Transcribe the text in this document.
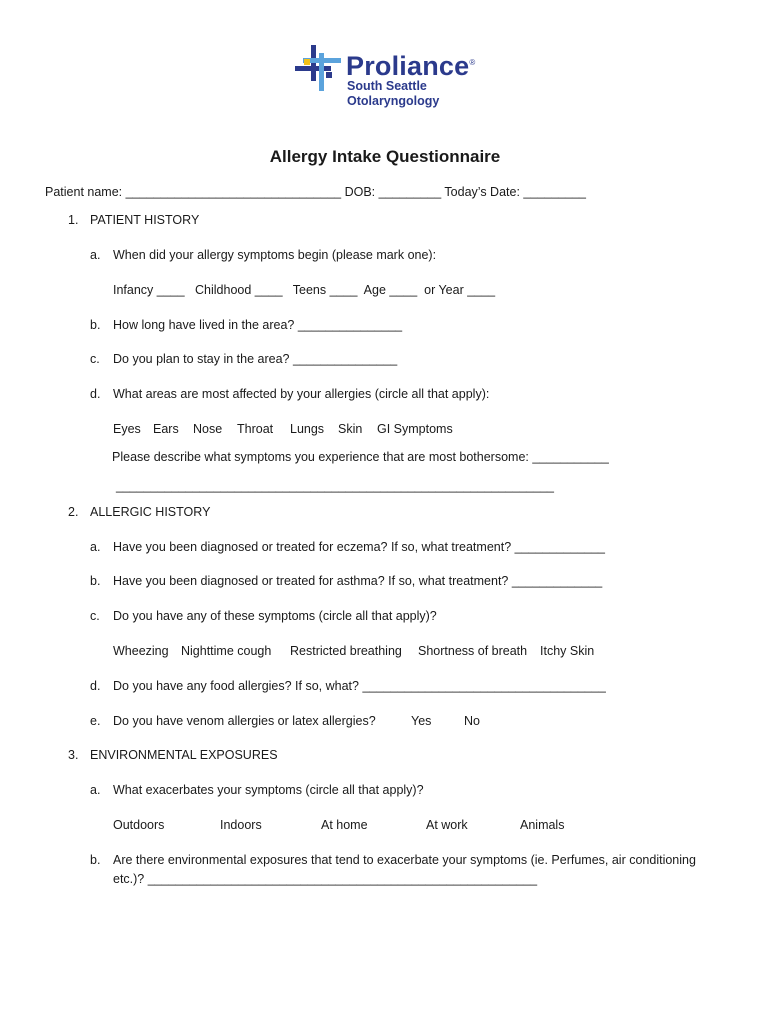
Proliance®
South Seattle
Otolaryngology
Allergy Intake Questionnaire
Patient name: _______________________________ DOB: _________ Today’s Date: _________
1. PATIENT HISTORY
a. When did your allergy symptoms begin (please mark one):
Infancy ____   Childhood ____   Teens ____  Age ____  or Year ____
b. How long have lived in the area? _______________
c. Do you plan to stay in the area? _______________
d. What areas are most affected by your allergies (circle all that apply):
Eyes Ears Nose Throat Lungs Skin GI Symptoms
Please describe what symptoms you experience that are most bothersome: ___________
_______________________________________________________________
2. ALLERGIC HISTORY
a. Have you been diagnosed or treated for eczema? If so, what treatment? _____________
b. Have you been diagnosed or treated for asthma? If so, what treatment? _____________
c. Do you have any of these symptoms (circle all that apply)?
Wheezing Nighttime cough Restricted breathing Shortness of breath Itchy Skin
d. Do you have any food allergies? If so, what? ___________________________________
e. Do you have venom allergies or latex allergies?	Yes	No
3. ENVIRONMENTAL EXPOSURES
a. What exacerbates your symptoms (circle all that apply)?
Outdoors	Indoors	At home	At work	Animals
b. Are there environmental exposures that tend to exacerbate your symptoms (ie. Perfumes, air conditioning
etc.)? ________________________________________________________
